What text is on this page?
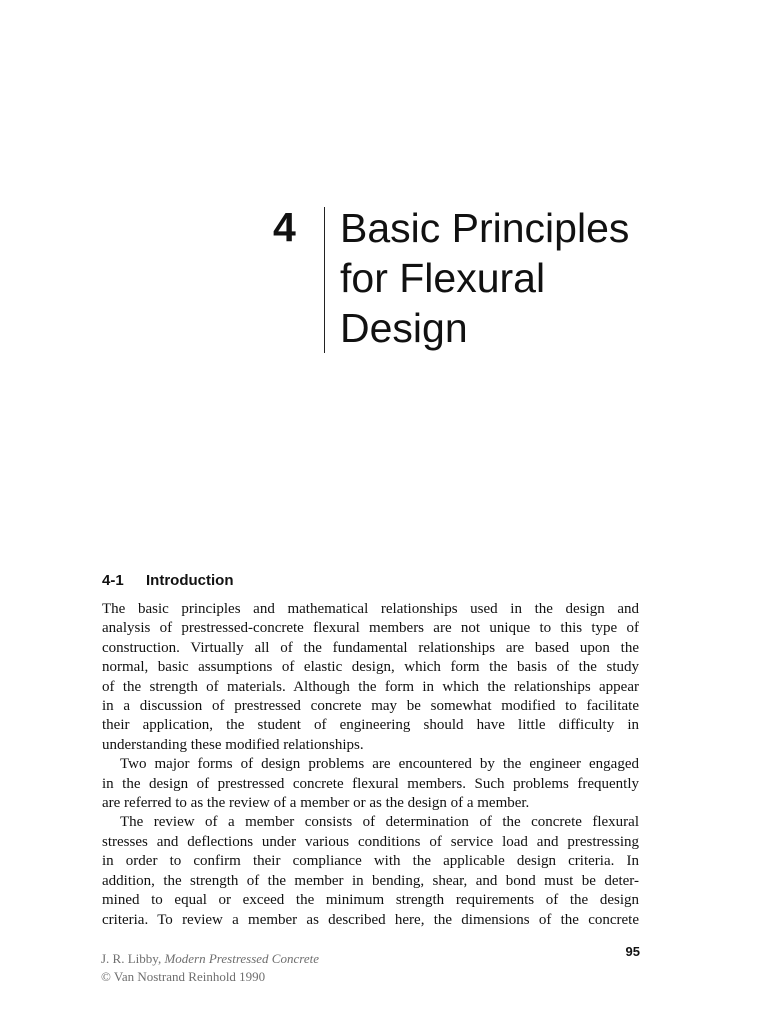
4 Basic Principles
for Flexural
Design
4-1 Introduction
The basic principles and mathematical relationships used in the design and
analysis of prestressed-concrete flexural members are not unique to this type of
construction. Virtually all of the fundamental relationships are based upon the
normal, basic assumptions of elastic design, which form the basis of the study
of the strength of materials. Although the form in which the relationships appear
in a discussion of prestressed concrete may be somewhat modified to facilitate
their application, the student of engineering should have little difficulty in
understanding these modified relationships.
Two major forms of design problems are encountered by the engineer engaged
in the design of prestressed concrete flexural members. Such problems frequently
are referred to as the review of a member or as the design of a member.
The review of a member consists of determination of the concrete flexural
stresses and deflections under various conditions of service load and prestressing
in order to confirm their compliance with the applicable design criteria. In
addition, the strength of the member in bending, shear, and bond must be deter-
mined to equal or exceed the minimum strength requirements of the design
criteria. To review a member as described here, the dimensions of the concrete
95
J. R. Libby, Modern Prestressed Concrete
© Van Nostrand Reinhold 1990
